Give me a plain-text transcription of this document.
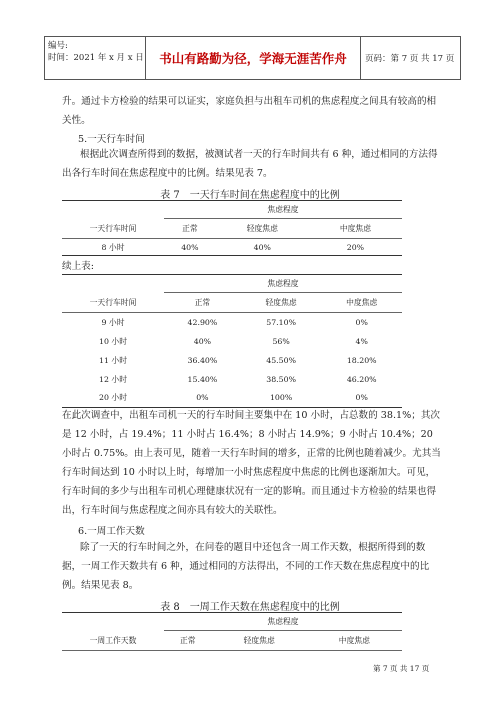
编号:
时间：2021 年 x 月 x 日	书山有路勤为径，学海无涯苦作舟	页码：第 7 页 共 17 页
升。通过卡方检验的结果可以证实，家庭负担与出租车司机的焦虑程度之间具有较高的相关性。
5.一天行车时间
根据此次调查所得到的数据，被测试者一天的行车时间共有 6 种，通过相同的方法得出各行车时间在焦虑程度中的比例。结果见表 7。
表 7　一天行车时间在焦虑程度中的比例
	焦虑程度		
一天行车时间	正常	轻度焦虑	中度焦虑
8 小时	40%	40%	20%
续上表:
	焦虑程度		
一天行车时间	正常	轻度焦虑	中度焦虑
9 小时	42.90%	57.10%	0%
10 小时	40%	56%	4%
11 小时	36.40%	45.50%	18.20%
12 小时	15.40%	38.50%	46.20%
20 小时	0%	100%	0%
在此次调查中，出租车司机一天的行车时间主要集中在 10 小时，占总数的 38.1%；其次是 12 小时，占 19.4%；11 小时占 16.4%；8 小时占 14.9%；9 小时占 10.4%；20 小时占 0.75%。由上表可见，随着一天行车时间的增多，正常的比例也随着减少。尤其当行车时间达到 10 小时以上时，每增加一小时焦虑程度中焦虑的比例也逐渐加大。可见，行车时间的多少与出租车司机心理健康状况有一定的影响。而且通过卡方检验的结果也得出，行车时间与焦虑程度之间亦具有较大的关联性。
6.一周工作天数
除了一天的行车时间之外，在问卷的题目中还包含一周工作天数，根据所得到的数据，一周工作天数共有 6 种，通过相同的方法得出，不同的工作天数在焦虑程度中的比例。结果见表 8。
表 8　一周工作天数在焦虑程度中的比例
	焦虑程度		
一周工作天数	正常	轻度焦虑	中度焦虑
第 7 页 共 17 页
